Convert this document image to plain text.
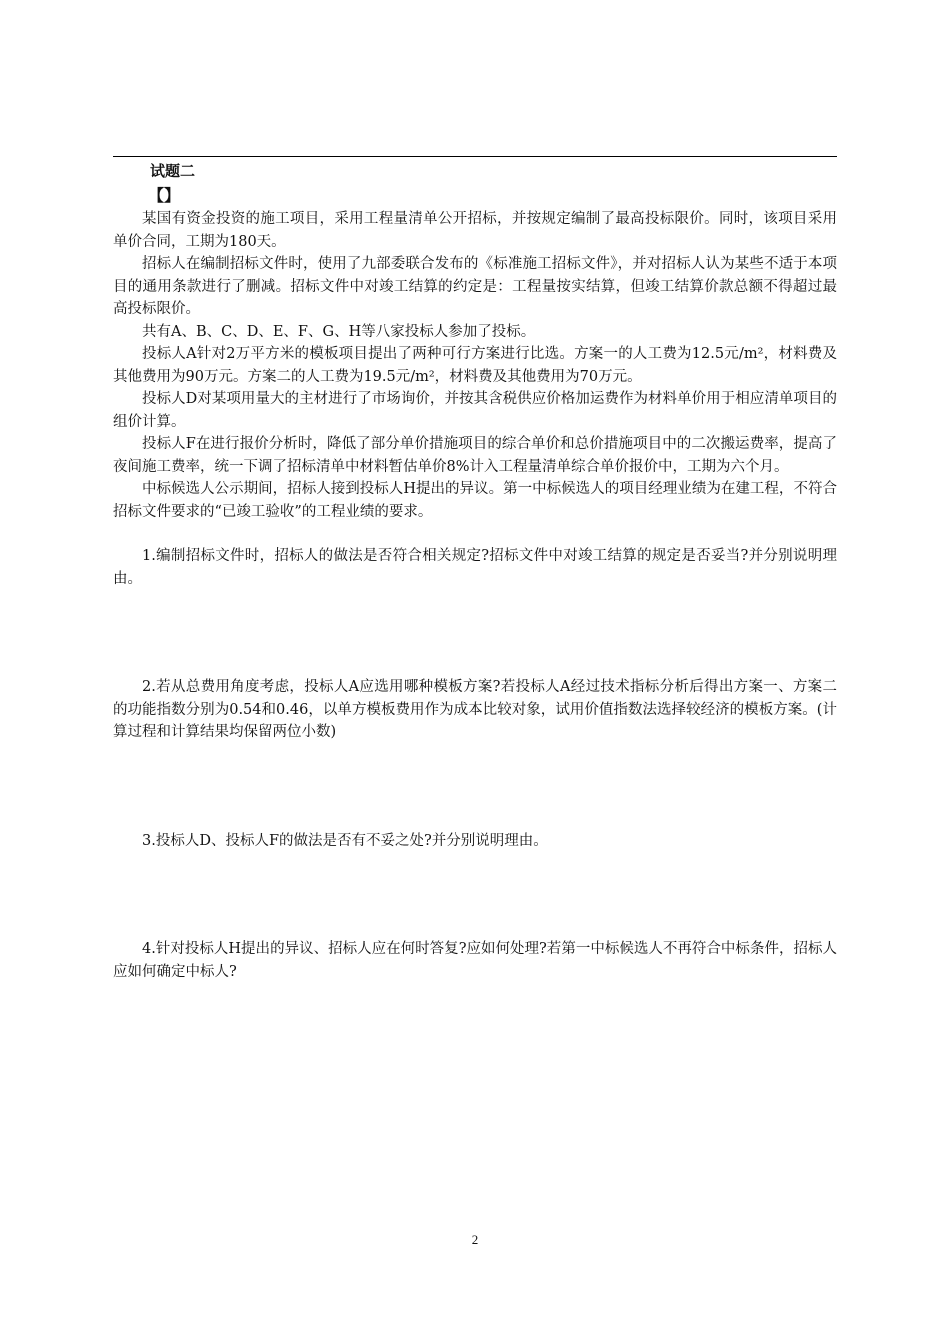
试题二

【】

某国有资金投资的施工项目，采用工程量清单公开招标，并按规定编制了最高投标限价。同时，该项目采用单价合同，工期为180天。

招标人在编制招标文件时，使用了九部委联合发布的《标准施工招标文件》，并对招标人认为某些不适于本项目的通用条款进行了删减。招标文件中对竣工结算的约定是：工程量按实结算，但竣工结算价款总额不得超过最高投标限价。

共有A、B、C、D、E、F、G、H等八家投标人参加了投标。

投标人A针对2万平方米的模板项目提出了两种可行方案进行比选。方案一的人工费为12.5元/m²，材料费及其他费用为90万元。方案二的人工费为19.5元/m²，材料费及其他费用为70万元。

投标人D对某项用量大的主材进行了市场询价，并按其含税供应价格加运费作为材料单价用于相应清单项目的组价计算。

投标人F在进行报价分析时，降低了部分单价措施项目的综合单价和总价措施项目中的二次搬运费率，提高了夜间施工费率，统一下调了招标清单中材料暂估单价8%计入工程量清单综合单价报价中，工期为六个月。

中标候选人公示期间，招标人接到投标人H提出的异议。第一中标候选人的项目经理业绩为在建工程，不符合招标文件要求的“已竣工验收”的工程业绩的要求。

1.编制招标文件时，招标人的做法是否符合相关规定?招标文件中对竣工结算的规定是否妥当?并分别说明理由。

2.若从总费用角度考虑，投标人A应选用哪种模板方案?若投标人A经过技术指标分析后得出方案一、方案二的功能指数分别为0.54和0.46，以单方模板费用作为成本比较对象，试用价值指数法选择较经济的模板方案。(计算过程和计算结果均保留两位小数)

3.投标人D、投标人F的做法是否有不妥之处?并分别说明理由。

4.针对投标人H提出的异议、招标人应在何时答复?应如何处理?若第一中标候选人不再符合中标条件，招标人应如何确定中标人?

2
